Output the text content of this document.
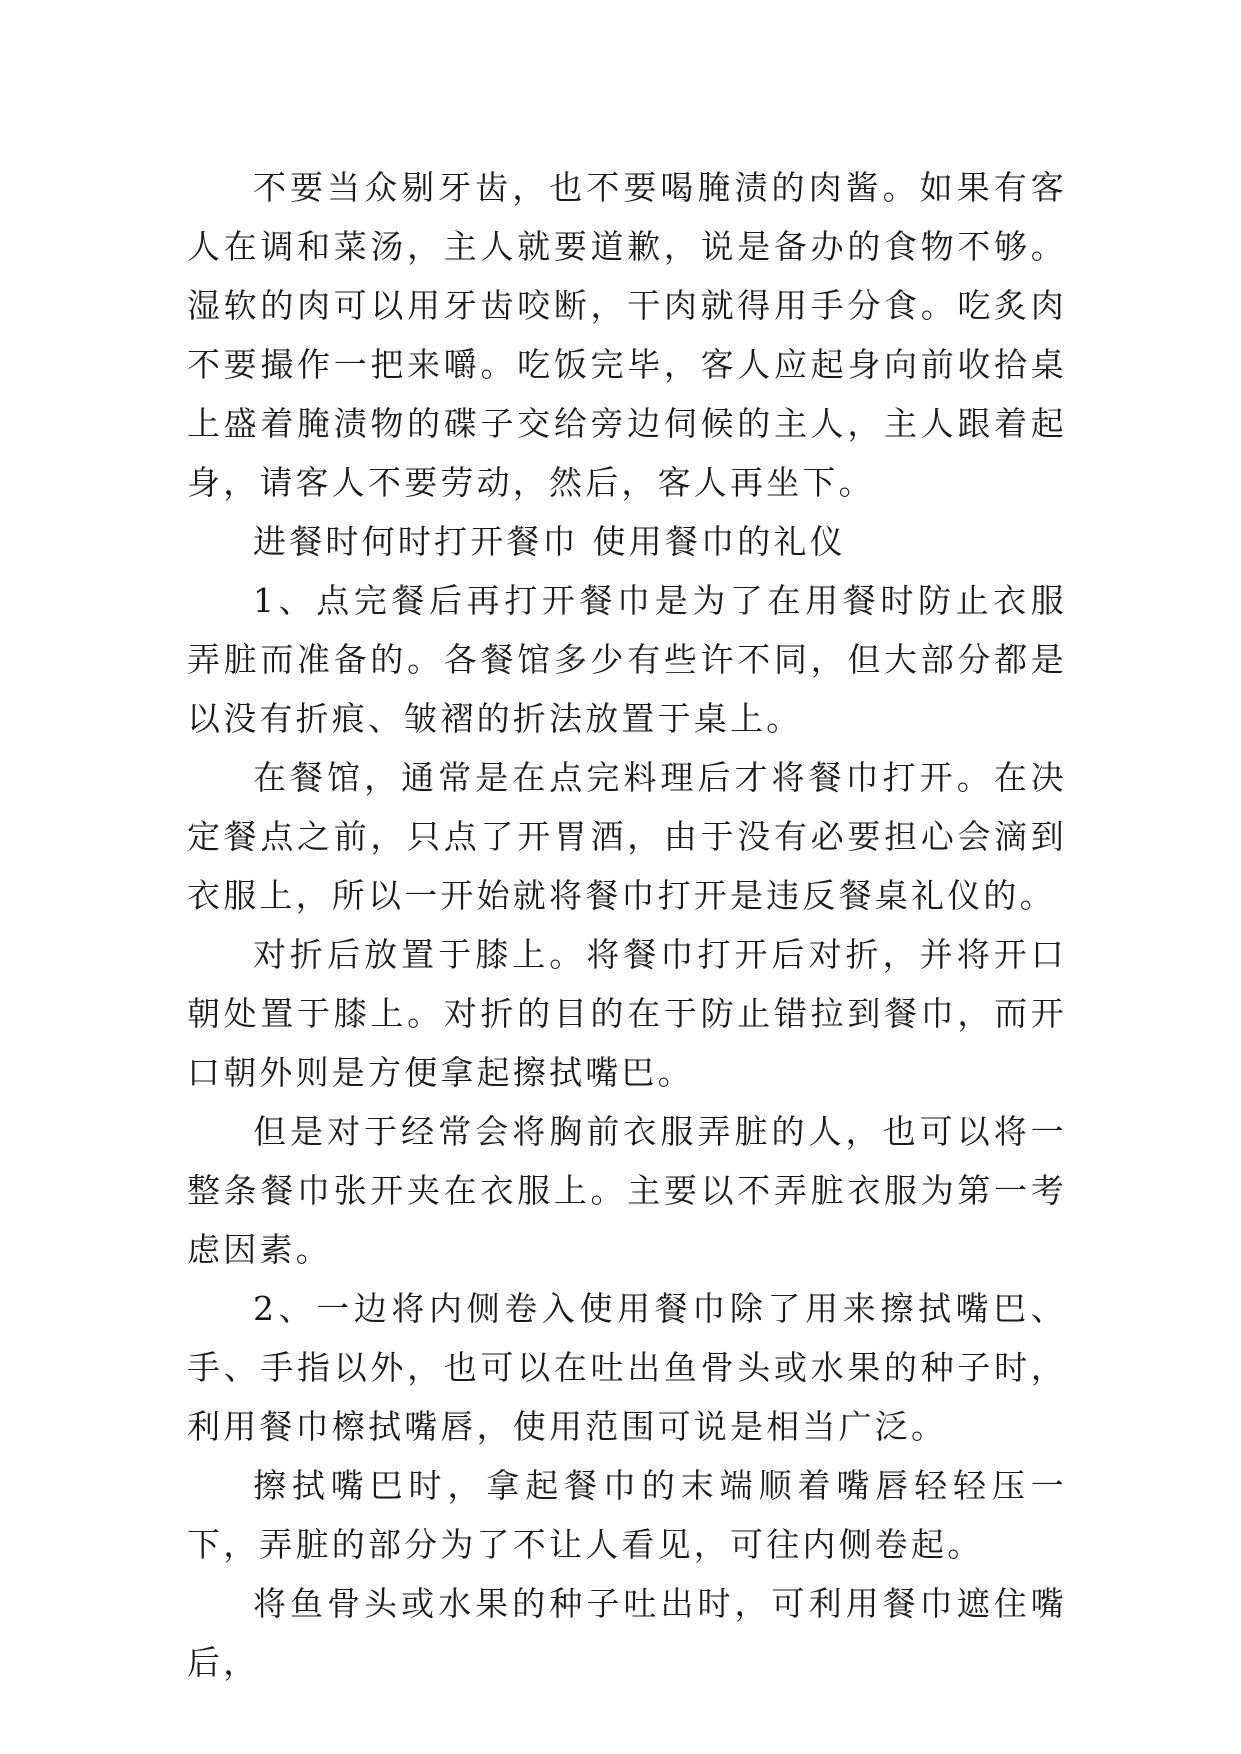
不要当众剔牙齿，也不要喝腌渍的肉酱。如果有客人在调和菜汤，主人就要道歉，说是备办的食物不够。湿软的肉可以用牙齿咬断，干肉就得用手分食。吃炙肉不要撮作一把来嚼。吃饭完毕，客人应起身向前收拾桌上盛着腌渍物的碟子交给旁边伺候的主人，主人跟着起身，请客人不要劳动，然后，客人再坐下。

进餐时何时打开餐巾 使用餐巾的礼仪

1、点完餐后再打开餐巾是为了在用餐时防止衣服弄脏而准备的。各餐馆多少有些许不同，但大部分都是以没有折痕、皱褶的折法放置于桌上。

在餐馆，通常是在点完料理后才将餐巾打开。在决定餐点之前，只点了开胃酒，由于没有必要担心会滴到衣服上，所以一开始就将餐巾打开是违反餐桌礼仪的。

对折后放置于膝上。将餐巾打开后对折，并将开口朝处置于膝上。对折的目的在于防止错拉到餐巾，而开口朝外则是方便拿起擦拭嘴巴。

但是对于经常会将胸前衣服弄脏的人，也可以将一整条餐巾张开夹在衣服上。主要以不弄脏衣服为第一考虑因素。

2、一边将内侧卷入使用餐巾除了用来擦拭嘴巴、手、手指以外，也可以在吐出鱼骨头或水果的种子时，利用餐巾檫拭嘴唇，使用范围可说是相当广泛。

擦拭嘴巴时，拿起餐巾的末端顺着嘴唇轻轻压一下，弄脏的部分为了不让人看见，可往内侧卷起。

将鱼骨头或水果的种子吐出时，可利用餐巾遮住嘴后，
